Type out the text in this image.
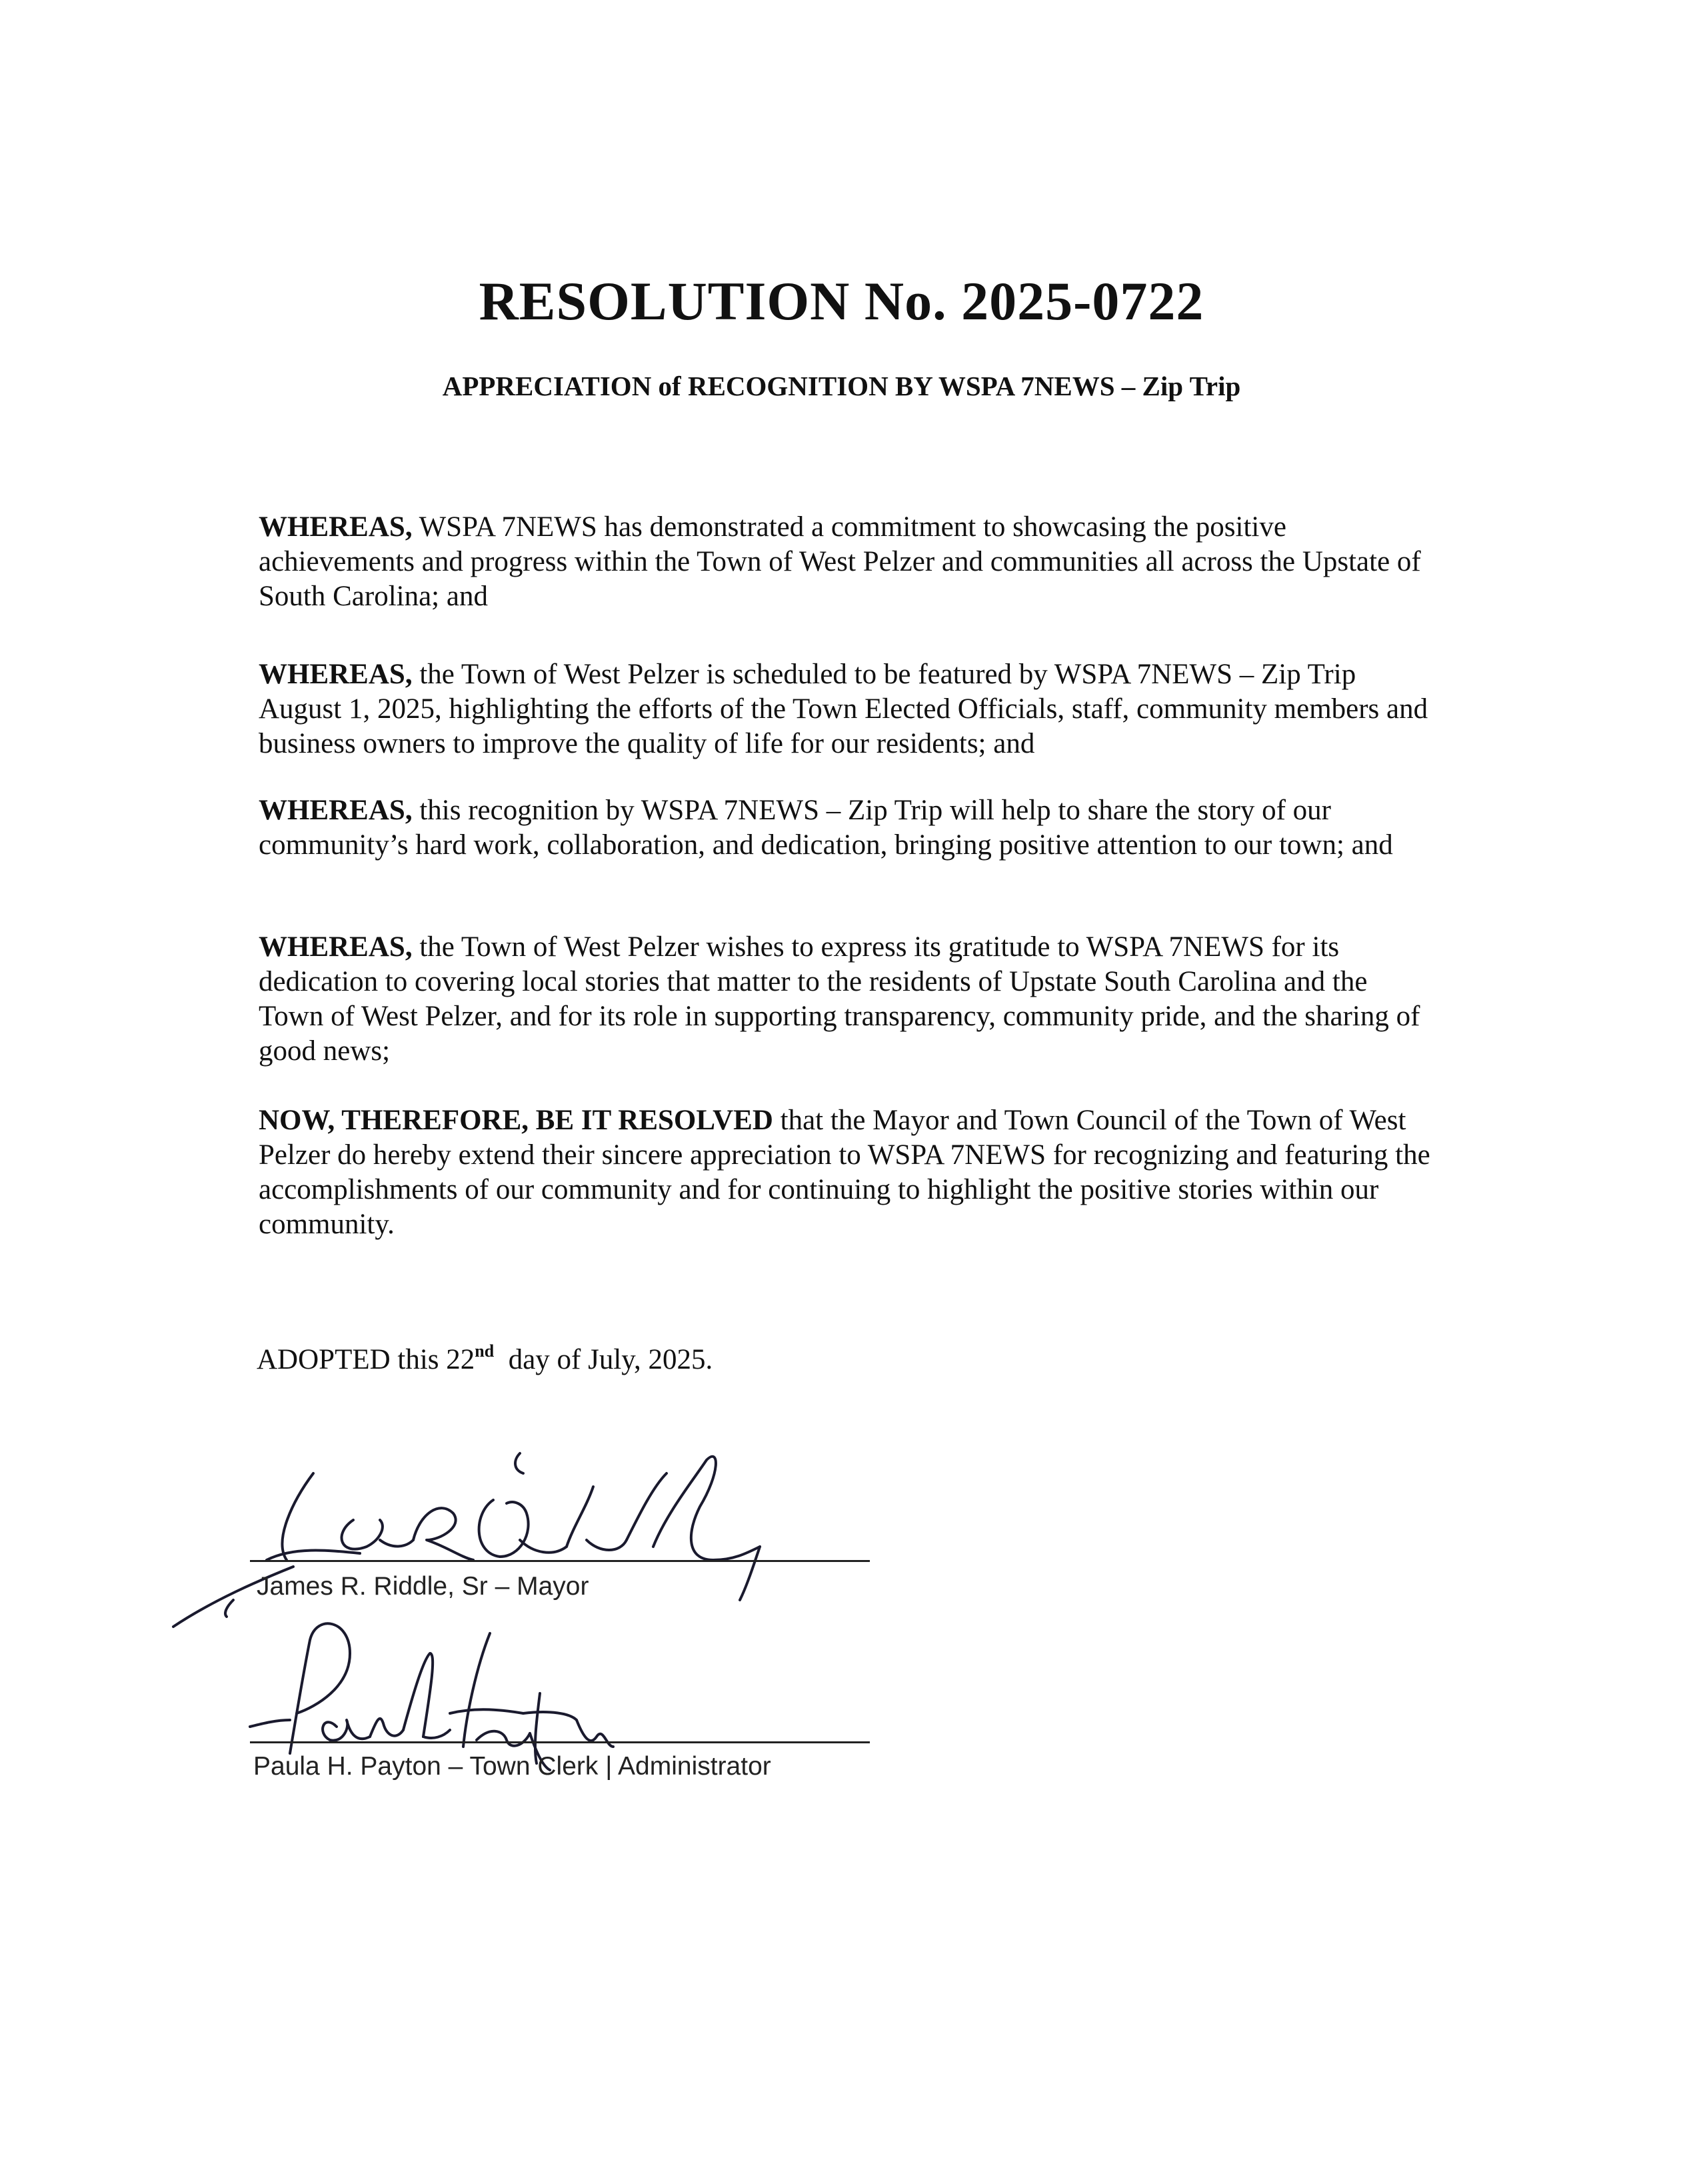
RESOLUTION No. 2025-0722
APPRECIATION of RECOGNITION BY WSPA 7NEWS – Zip Trip

WHEREAS, WSPA 7NEWS has demonstrated a commitment to showcasing the positive achievements and progress within the Town of West Pelzer and communities all across the Upstate of South Carolina; and

WHEREAS, the Town of West Pelzer is scheduled to be featured by WSPA 7NEWS – Zip Trip August 1, 2025, highlighting the efforts of the Town Elected Officials, staff, community members and business owners to improve the quality of life for our residents; and

WHEREAS, this recognition by WSPA 7NEWS – Zip Trip will help to share the story of our community’s hard work, collaboration, and dedication, bringing positive attention to our town; and

WHEREAS, the Town of West Pelzer wishes to express its gratitude to WSPA 7NEWS for its dedication to covering local stories that matter to the residents of Upstate South Carolina and the Town of West Pelzer, and for its role in supporting transparency, community pride, and the sharing of good news;

NOW, THEREFORE, BE IT RESOLVED that the Mayor and Town Council of the Town of West Pelzer do hereby extend their sincere appreciation to WSPA 7NEWS for recognizing and featuring the accomplishments of our community and for continuing to highlight the positive stories within our community.

ADOPTED this 22nd  day of July, 2025.

James R. Riddle, Sr – Mayor

Paula H. Payton – Town Clerk | Administrator
